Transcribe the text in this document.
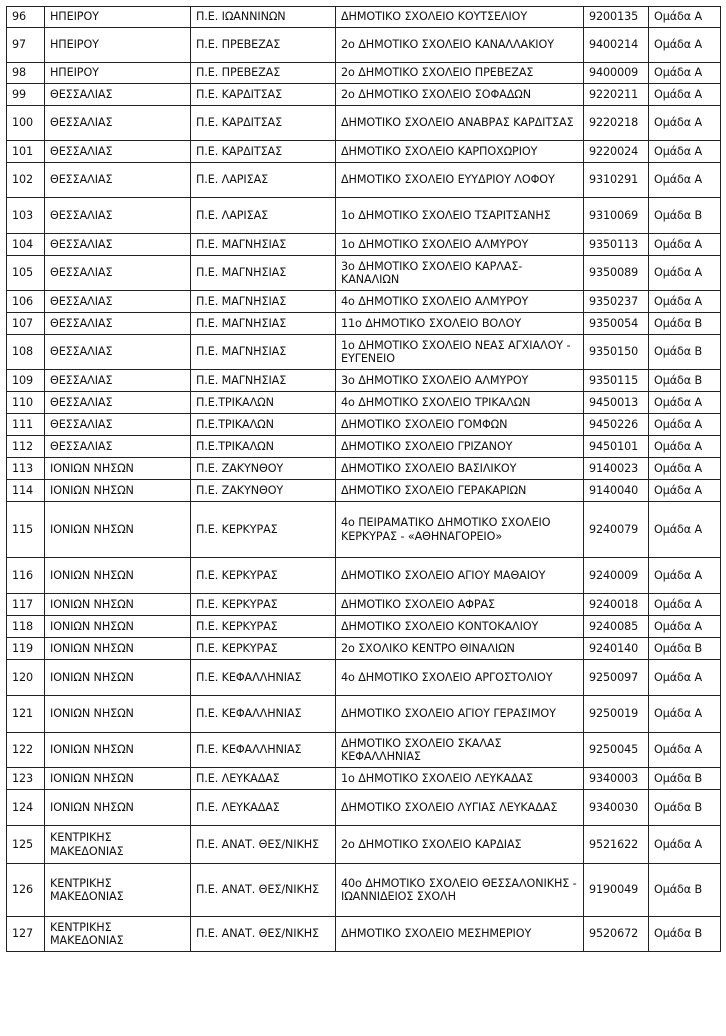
96	ΗΠΕΙΡΟΥ	Π.Ε. ΙΩΑΝΝΙΝΩΝ	ΔΗΜΟΤΙΚΟ ΣΧΟΛΕΙΟ ΚΟΥΤΣΕΛΙΟΥ	9200135	Ομάδα Α
97	ΗΠΕΙΡΟΥ	Π.Ε. ΠΡΕΒΕΖΑΣ	2ο ΔΗΜΟΤΙΚΟ ΣΧΟΛΕΙΟ ΚΑΝΑΛΛΑΚΙΟΥ	9400214	Ομάδα Α
98	ΗΠΕΙΡΟΥ	Π.Ε. ΠΡΕΒΕΖΑΣ	2ο ΔΗΜΟΤΙΚΟ ΣΧΟΛΕΙΟ ΠΡΕΒΕΖΑΣ	9400009	Ομάδα Α
99	ΘΕΣΣΑΛΙΑΣ	Π.Ε. ΚΑΡΔΙΤΣΑΣ	2ο ΔΗΜΟΤΙΚΟ ΣΧΟΛΕΙΟ ΣΟΦΑΔΩΝ	9220211	Ομάδα Α
100	ΘΕΣΣΑΛΙΑΣ	Π.Ε. ΚΑΡΔΙΤΣΑΣ	ΔΗΜΟΤΙΚΟ ΣΧΟΛΕΙΟ ΑΝΑΒΡΑΣ ΚΑΡΔΙΤΣΑΣ	9220218	Ομάδα Α
101	ΘΕΣΣΑΛΙΑΣ	Π.Ε. ΚΑΡΔΙΤΣΑΣ	ΔΗΜΟΤΙΚΟ ΣΧΟΛΕΙΟ ΚΑΡΠΟΧΩΡΙΟΥ	9220024	Ομάδα Α
102	ΘΕΣΣΑΛΙΑΣ	Π.Ε. ΛΑΡΙΣΑΣ	ΔΗΜΟΤΙΚΟ ΣΧΟΛΕΙΟ ΕΥΥΔΡΙΟΥ ΛΟΦΟΥ	9310291	Ομάδα Α
103	ΘΕΣΣΑΛΙΑΣ	Π.Ε. ΛΑΡΙΣΑΣ	1ο ΔΗΜΟΤΙΚΟ ΣΧΟΛΕΙΟ ΤΣΑΡΙΤΣΑΝΗΣ	9310069	Ομάδα Β
104	ΘΕΣΣΑΛΙΑΣ	Π.Ε. ΜΑΓΝΗΣΙΑΣ	1ο ΔΗΜΟΤΙΚΟ ΣΧΟΛΕΙΟ ΑΛΜΥΡΟΥ	9350113	Ομάδα Α
105	ΘΕΣΣΑΛΙΑΣ	Π.Ε. ΜΑΓΝΗΣΙΑΣ	3ο ΔΗΜΟΤΙΚΟ ΣΧΟΛΕΙΟ ΚΑΡΛΑΣ-ΚΑΝΑΛΙΩΝ	9350089	Ομάδα Α
106	ΘΕΣΣΑΛΙΑΣ	Π.Ε. ΜΑΓΝΗΣΙΑΣ	4ο ΔΗΜΟΤΙΚΟ ΣΧΟΛΕΙΟ ΑΛΜΥΡΟΥ	9350237	Ομάδα Α
107	ΘΕΣΣΑΛΙΑΣ	Π.Ε. ΜΑΓΝΗΣΙΑΣ	11ο ΔΗΜΟΤΙΚΟ ΣΧΟΛΕΙΟ ΒΟΛΟΥ	9350054	Ομάδα Β
108	ΘΕΣΣΑΛΙΑΣ	Π.Ε. ΜΑΓΝΗΣΙΑΣ	1ο ΔΗΜΟΤΙΚΟ ΣΧΟΛΕΙΟ ΝΕΑΣ ΑΓΧΙΑΛΟΥ - ΕΥΓΕΝΕΙΟ	9350150	Ομάδα Β
109	ΘΕΣΣΑΛΙΑΣ	Π.Ε. ΜΑΓΝΗΣΙΑΣ	3ο ΔΗΜΟΤΙΚΟ ΣΧΟΛΕΙΟ ΑΛΜΥΡΟΥ	9350115	Ομάδα Β
110	ΘΕΣΣΑΛΙΑΣ	Π.Ε.ΤΡΙΚΑΛΩΝ	4ο ΔΗΜΟΤΙΚΟ ΣΧΟΛΕΙΟ ΤΡΙΚΑΛΩΝ	9450013	Ομάδα Α
111	ΘΕΣΣΑΛΙΑΣ	Π.Ε.ΤΡΙΚΑΛΩΝ	ΔΗΜΟΤΙΚΟ ΣΧΟΛΕΙΟ ΓΟΜΦΩΝ	9450226	Ομάδα Α
112	ΘΕΣΣΑΛΙΑΣ	Π.Ε.ΤΡΙΚΑΛΩΝ	ΔΗΜΟΤΙΚΟ ΣΧΟΛΕΙΟ ΓΡΙΖΑΝΟΥ	9450101	Ομάδα Α
113	ΙΟΝΙΩΝ ΝΗΣΩΝ	Π.Ε. ΖΑΚΥΝΘΟΥ	ΔΗΜΟΤΙΚΟ ΣΧΟΛΕΙΟ ΒΑΣΙΛΙΚΟΥ	9140023	Ομάδα Α
114	ΙΟΝΙΩΝ ΝΗΣΩΝ	Π.Ε. ΖΑΚΥΝΘΟΥ	ΔΗΜΟΤΙΚΟ ΣΧΟΛΕΙΟ ΓΕΡΑΚΑΡΙΩΝ	9140040	Ομάδα Α
115	ΙΟΝΙΩΝ ΝΗΣΩΝ	Π.Ε. ΚΕΡΚΥΡΑΣ	4ο ΠΕΙΡΑΜΑΤΙΚΟ ΔΗΜΟΤΙΚΟ ΣΧΟΛΕΙΟ ΚΕΡΚΥΡΑΣ - «ΑΘΗΝΑΓΟΡΕΙΟ»	9240079	Ομάδα Α
116	ΙΟΝΙΩΝ ΝΗΣΩΝ	Π.Ε. ΚΕΡΚΥΡΑΣ	ΔΗΜΟΤΙΚΟ ΣΧΟΛΕΙΟ ΑΓΙΟΥ ΜΑΘΑΙΟΥ	9240009	Ομάδα Α
117	ΙΟΝΙΩΝ ΝΗΣΩΝ	Π.Ε. ΚΕΡΚΥΡΑΣ	ΔΗΜΟΤΙΚΟ ΣΧΟΛΕΙΟ ΑΦΡΑΣ	9240018	Ομάδα Α
118	ΙΟΝΙΩΝ ΝΗΣΩΝ	Π.Ε. ΚΕΡΚΥΡΑΣ	ΔΗΜΟΤΙΚΟ ΣΧΟΛΕΙΟ ΚΟΝΤΟΚΑΛΙΟΥ	9240085	Ομάδα Α
119	ΙΟΝΙΩΝ ΝΗΣΩΝ	Π.Ε. ΚΕΡΚΥΡΑΣ	2ο ΣΧΟΛΙΚΟ ΚΕΝΤΡΟ ΘΙΝΑΛΙΩΝ	9240140	Ομάδα Β
120	ΙΟΝΙΩΝ ΝΗΣΩΝ	Π.Ε. ΚΕΦΑΛΛΗΝΙΑΣ	4ο ΔΗΜΟΤΙΚΟ ΣΧΟΛΕΙΟ ΑΡΓΟΣΤΟΛΙΟΥ	9250097	Ομάδα Α
121	ΙΟΝΙΩΝ ΝΗΣΩΝ	Π.Ε. ΚΕΦΑΛΛΗΝΙΑΣ	ΔΗΜΟΤΙΚΟ ΣΧΟΛΕΙΟ ΑΓΙΟΥ ΓΕΡΑΣΙΜΟΥ	9250019	Ομάδα Α
122	ΙΟΝΙΩΝ ΝΗΣΩΝ	Π.Ε. ΚΕΦΑΛΛΗΝΙΑΣ	ΔΗΜΟΤΙΚΟ ΣΧΟΛΕΙΟ ΣΚΑΛΑΣ ΚΕΦΑΛΛΗΝΙΑΣ	9250045	Ομάδα Α
123	ΙΟΝΙΩΝ ΝΗΣΩΝ	Π.Ε. ΛΕΥΚΑΔΑΣ	1ο ΔΗΜΟΤΙΚΟ ΣΧΟΛΕΙΟ ΛΕΥΚΑΔΑΣ	9340003	Ομάδα Β
124	ΙΟΝΙΩΝ ΝΗΣΩΝ	Π.Ε. ΛΕΥΚΑΔΑΣ	ΔΗΜΟΤΙΚΟ ΣΧΟΛΕΙΟ ΛΥΓΙΑΣ ΛΕΥΚΑΔΑΣ	9340030	Ομάδα Β
125	ΚΕΝΤΡΙΚΗΣ ΜΑΚΕΔΟΝΙΑΣ	Π.Ε. ΑΝΑΤ. ΘΕΣ/ΝΙΚΗΣ	2ο ΔΗΜΟΤΙΚΟ ΣΧΟΛΕΙΟ ΚΑΡΔΙΑΣ	9521622	Ομάδα Α
126	ΚΕΝΤΡΙΚΗΣ ΜΑΚΕΔΟΝΙΑΣ	Π.Ε. ΑΝΑΤ. ΘΕΣ/ΝΙΚΗΣ	40ο ΔΗΜΟΤΙΚΟ ΣΧΟΛΕΙΟ ΘΕΣΣΑΛΟΝΙΚΗΣ - ΙΩΑΝΝΙΔΕΙΟΣ ΣΧΟΛΗ	9190049	Ομάδα Β
127	ΚΕΝΤΡΙΚΗΣ ΜΑΚΕΔΟΝΙΑΣ	Π.Ε. ΑΝΑΤ. ΘΕΣ/ΝΙΚΗΣ	ΔΗΜΟΤΙΚΟ ΣΧΟΛΕΙΟ ΜΕΣΗΜΕΡΙΟΥ	9520672	Ομάδα Β
